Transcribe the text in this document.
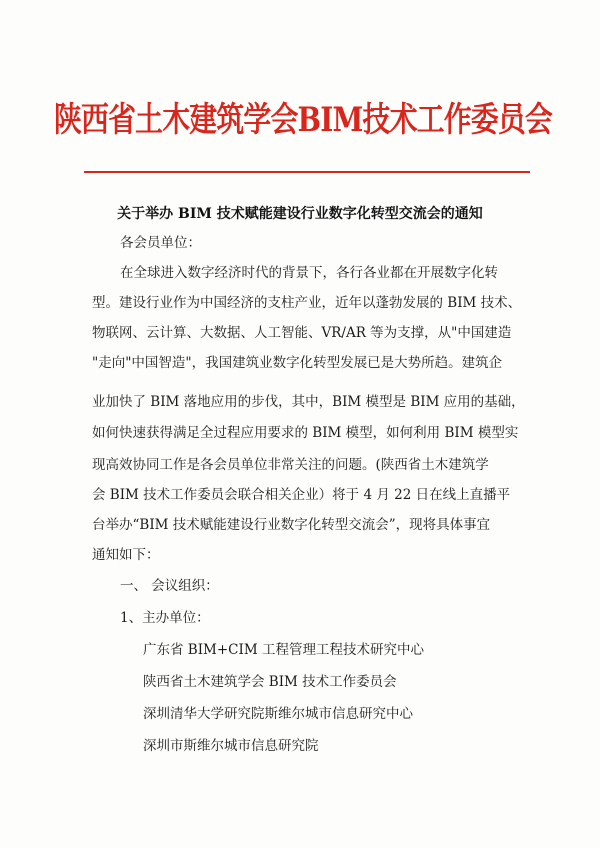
陕西省土木建筑学会BIM技术工作委员会
关于举办 BIM 技术赋能建设行业数字化转型交流会的通知
各会员单位：
在全球进入数字经济时代的背景下，各行各业都在开展数字化转
型。建设行业作为中国经济的支柱产业，近年以蓬勃发展的 BIM 技术、
物联网、云计算、大数据、人工智能、VR/AR 等为支撑，从"中国建造
"走向"中国智造"，我国建筑业数字化转型发展已是大势所趋。建筑企
业加快了 BIM 落地应用的步伐，其中，BIM 模型是 BIM 应用的基础，
如何快速获得满足全过程应用要求的 BIM 模型，如何利用 BIM 模型实
现高效协同工作是各会员单位非常关注的问题。(陕西省土木建筑学
会 BIM 技术工作委员会联合相关企业）将于 4 月 22 日在线上直播平
台举办“BIM 技术赋能建设行业数字化转型交流会”，现将具体事宜
通知如下：
一、 会议组织：
1、主办单位：
广东省 BIM+CIM 工程管理工程技术研究中心
陕西省土木建筑学会 BIM 技术工作委员会
深圳清华大学研究院斯维尔城市信息研究中心
深圳市斯维尔城市信息研究院
